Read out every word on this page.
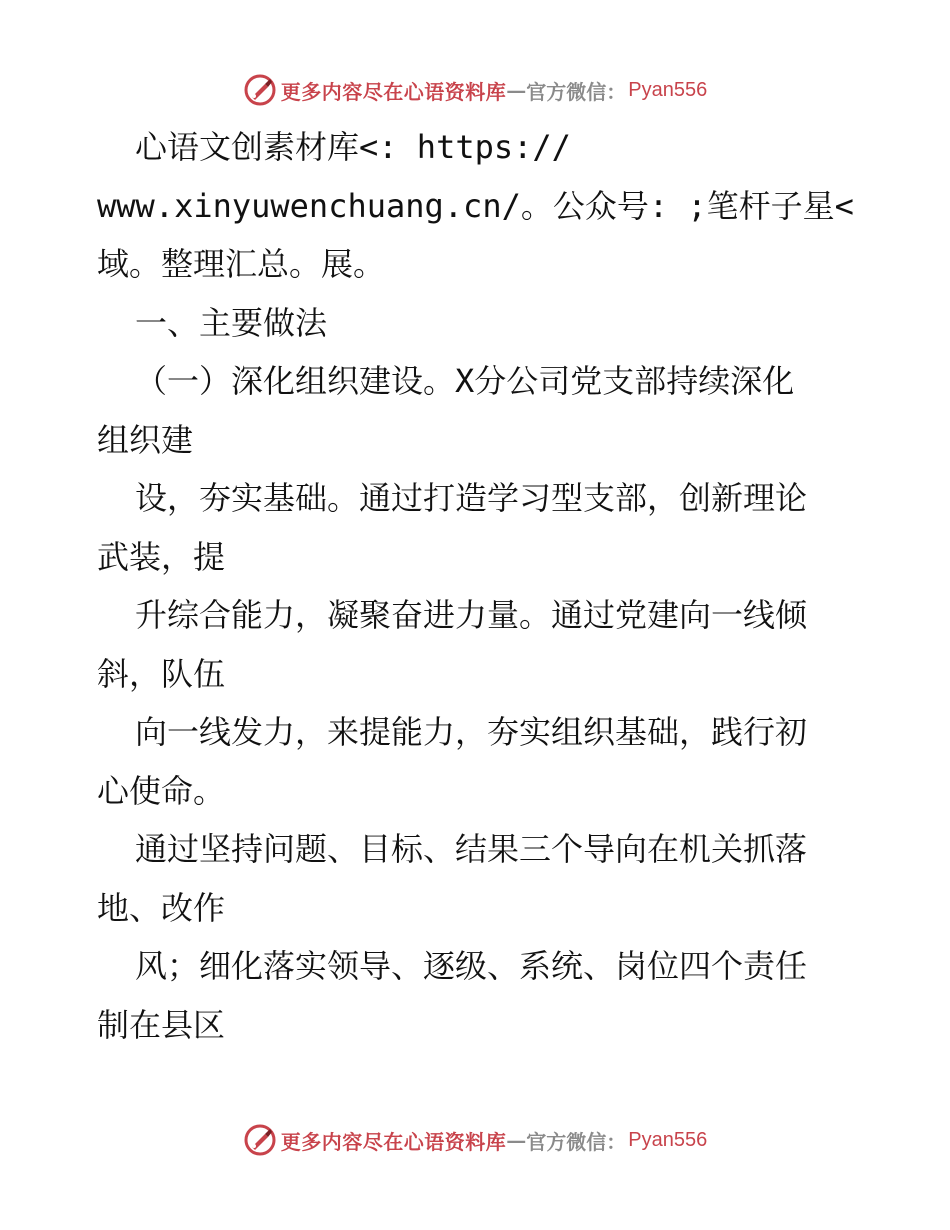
更多内容尽在心语资料库 — 官方微信： Pyan556
心语文创素材库<: https://
www.xinyuwenchuang.cn/。公众号: ;笔杆子星<
域。整理汇总。展。
一、主要做法
（一）深化组织建设。X分公司党支部持续深化
组织建
设，夯实基础。通过打造学习型支部，创新理论
武装，提
升综合能力，凝聚奋进力量。通过党建向一线倾
斜，队伍
向一线发力，来提能力，夯实组织基础，践行初
心使命。
通过坚持问题、目标、结果三个导向在机关抓落
地、改作
风；细化落实领导、逐级、系统、岗位四个责任
制在县区
更多内容尽在心语资料库 — 官方微信： Pyan556
